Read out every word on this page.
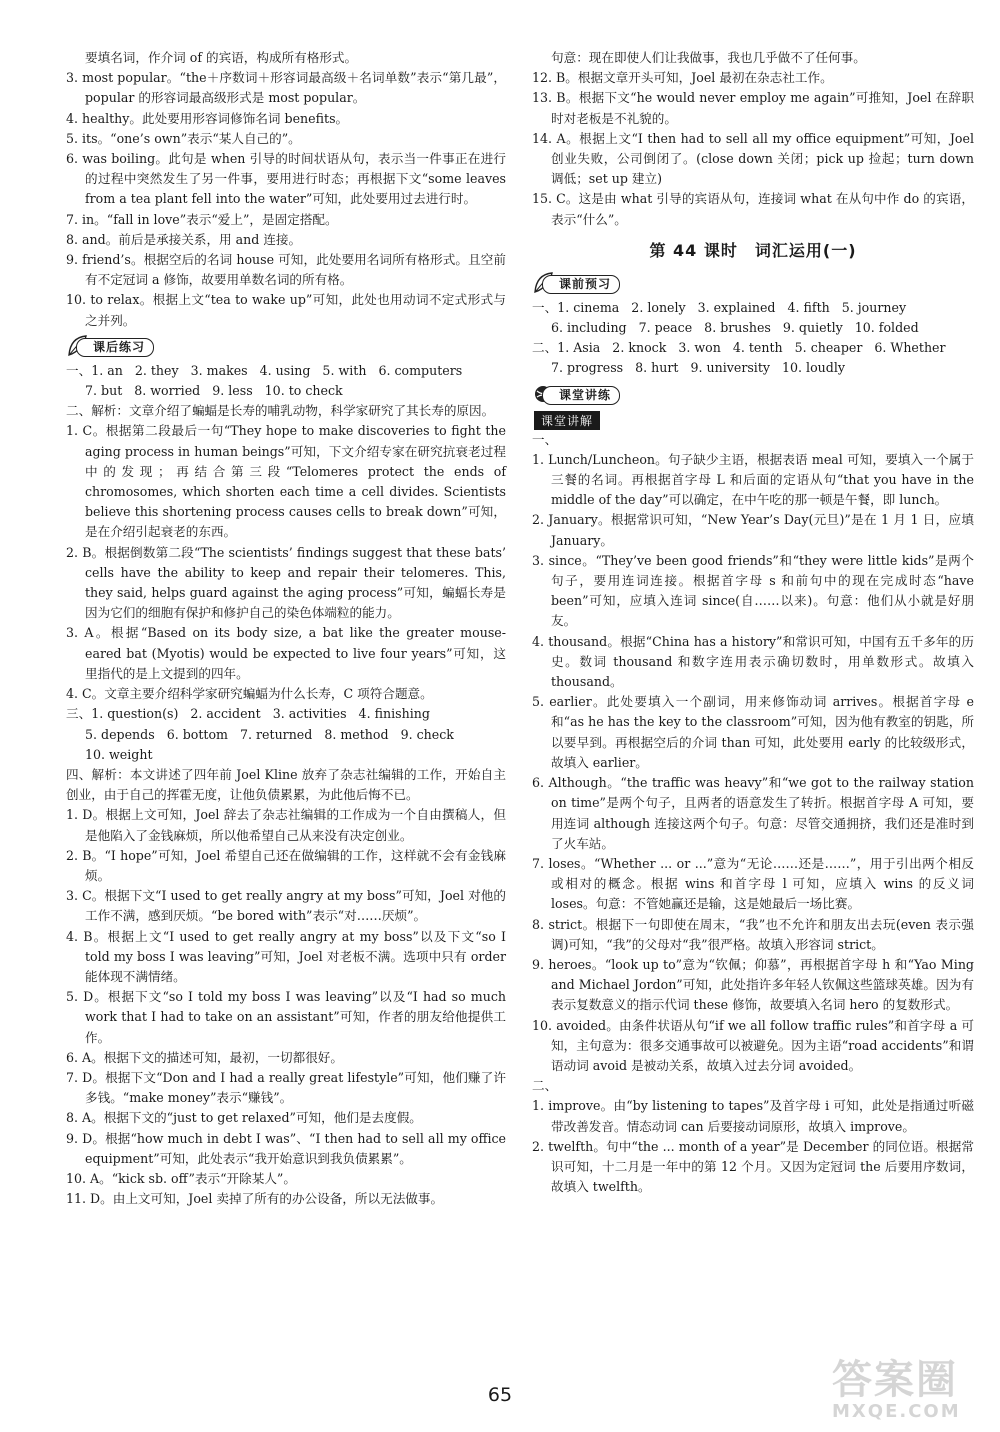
要填名词，作介词 of 的宾语，构成所有格形式。

3. most popular。“the＋序数词＋形容词最高级＋名词单数”表示“第几最”，popular 的形容词最高级形式是 most popular。

4. healthy。此处要用形容词修饰名词 benefits。

5. its。“one’s own”表示“某人自己的”。

6. was boiling。此句是 when 引导的时间状语从句，表示当一件事正在进行的过程中突然发生了另一件事，要用进行时态；再根据下文“some leaves from a tea plant fell into the water”可知，此处要用过去进行时。

7. in。“fall in love”表示“爱上”，是固定搭配。

8. and。前后是承接关系，用 and 连接。

9. friend’s。根据空后的名词 house 可知，此处要用名词所有格形式。且空前有不定冠词 a 修饰，故要用单数名词的所有格。

10. to relax。根据上文“tea to wake up”可知，此处也用动词不定式形式与之并列。

课后练习

一、1. an   2. they   3. makes   4. using   5. with   6. computers

7. but   8. worried   9. less   10. to check

二、解析：文章介绍了蝙蝠是长寿的哺乳动物，科学家研究了其长寿的原因。

1. C。根据第二段最后一句“They hope to make discoveries to fight the aging process in human beings”可知，下文介绍专家在研究抗衰老过程中的发现；再结合第三段“Telomeres protect the ends of chromosomes, which shorten each time a cell divides. Scientists believe this shortening process causes cells to break down”可知，是在介绍引起衰老的东西。

2. B。根据倒数第二段“The scientists’ findings suggest that these bats’ cells have the ability to keep and repair their telomeres. This, they said, helps guard against the aging process”可知，蝙蝠长寿是因为它们的细胞有保护和修护自己的染色体端粒的能力。

3. A。根据“Based on its body size, a bat like the greater mouse-eared bat (Myotis) would be expected to live four years”可知，这里指代的是上文提到的四年。

4. C。文章主要介绍科学家研究蝙蝠为什么长寿，C 项符合题意。

三、1. question(s)   2. accident   3. activities   4. finishing

5. depends   6. bottom   7. returned   8. method   9. check

10. weight

四、解析：本文讲述了四年前 Joel Kline 放弃了杂志社编辑的工作，开始自主创业，由于自己的挥霍无度，让他负债累累，为此他后悔不已。

1. D。根据上文可知，Joel 辞去了杂志社编辑的工作成为一个自由撰稿人，但是他陷入了金钱麻烦，所以他希望自己从来没有决定创业。

2. B。“I hope”可知，Joel 希望自己还在做编辑的工作，这样就不会有金钱麻烦。

3. C。根据下文“I used to get really angry at my boss”可知，Joel 对他的工作不满，感到厌烦。“be bored with”表示“对……厌烦”。

4. B。根据上文“I used to get really angry at my boss”以及下文“so I told my boss I was leaving”可知，Joel 对老板不满。选项中只有 order 能体现不满情绪。

5. D。根据下文“so I told my boss I was leaving”以及“I had so much work that I had to take on an assistant”可知，作者的朋友给他提供工作。

6. A。根据下文的描述可知，最初，一切都很好。

7. D。根据下文“Don and I had a really great lifestyle”可知，他们赚了许多钱。“make money”表示“赚钱”。

8. A。根据下文的“just to get relaxed”可知，他们是去度假。

9. D。根据“how much in debt I was”、“I then had to sell all my office equipment”可知，此处表示“我开始意识到我负债累累”。

10. A。“kick sb. off”表示“开除某人”。

11. D。由上文可知，Joel 卖掉了所有的办公设备，所以无法做事。

句意：现在即使人们让我做事，我也几乎做不了任何事。

12. B。根据文章开头可知，Joel 最初在杂志社工作。

13. B。根据下文“he would never employ me again”可推知，Joel 在辞职时对老板是不礼貌的。

14. A。根据上文“I then had to sell all my office equipment”可知，Joel 创业失败，公司倒闭了。(close down 关闭；pick up 捡起；turn down 调低；set up 建立)

15. C。这是由 what 引导的宾语从句，连接词 what 在从句中作 do 的宾语，表示“什么”。

第 44 课时　词汇运用(一)
课前预习

一、1. cinema   2. lonely   3. explained   4. fifth   5. journey

6. including   7. peace   8. brushes   9. quietly   10. folded

二、1. Asia   2. knock   3. won   4. tenth   5. cheaper   6. Whether

7. progress   8. hurt   9. university   10. loudly

课堂讲练
课堂讲解

一、

1. Lunch/Luncheon。句子缺少主语，根据表语 meal 可知，要填入一个属于三餐的名词。再根据首字母 L 和后面的定语从句“that you have in the middle of the day”可以确定，在中午吃的那一顿是午餐，即 lunch。

2. January。根据常识可知，“New Year’s Day(元旦)”是在 1 月 1 日，应填 January。

3. since。“They’ve been good friends”和“they were little kids”是两个句子，要用连词连接。根据首字母 s 和前句中的现在完成时态“have been”可知，应填入连词 since(自……以来)。句意：他们从小就是好朋友。

4. thousand。根据“China has a history”和常识可知，中国有五千多年的历史。数词 thousand 和数字连用表示确切数时，用单数形式。故填入 thousand。

5. earlier。此处要填入一个副词，用来修饰动词 arrives。根据首字母 e 和“as he has the key to the classroom”可知，因为他有教室的钥匙，所以要早到。再根据空后的介词 than 可知，此处要用 early 的比较级形式，故填入 earlier。

6. Although。“the traffic was heavy”和“we got to the railway station on time”是两个句子，且两者的语意发生了转折。根据首字母 A 可知，要用连词 although 连接这两个句子。句意：尽管交通拥挤，我们还是准时到了火车站。

7. loses。“Whether ... or ...”意为“无论……还是……”，用于引出两个相反或相对的概念。根据 wins 和首字母 l 可知，应填入 wins 的反义词 loses。句意：不管她赢还是输，这是她最后一场比赛。

8. strict。根据下一句即使在周末，“我”也不允许和朋友出去玩(even 表示强调)可知，“我”的父母对“我”很严格。故填入形容词 strict。

9. heroes。“look up to”意为“钦佩；仰慕”，再根据首字母 h 和“Yao Ming and Michael Jordon”可知，此处指许多年轻人钦佩这些篮球英雄。因为有表示复数意义的指示代词 these 修饰，故要填入名词 hero 的复数形式。

10. avoided。由条件状语从句“if we all follow traffic rules”和首字母 a 可知，主句意为：很多交通事故可以被避免。因为主语“road accidents”和谓语动词 avoid 是被动关系，故填入过去分词 avoided。

二、

1. improve。由“by listening to tapes”及首字母 i 可知，此处是指通过听磁带改善发音。情态动词 can 后要接动词原形，故填入 improve。

2. twelfth。句中“the ... month of a year”是 December 的同位语。根据常识可知，十二月是一年中的第 12 个月。又因为定冠词 the 后要用序数词，故填入 twelfth。

65	答案圈
MXQE.COM
